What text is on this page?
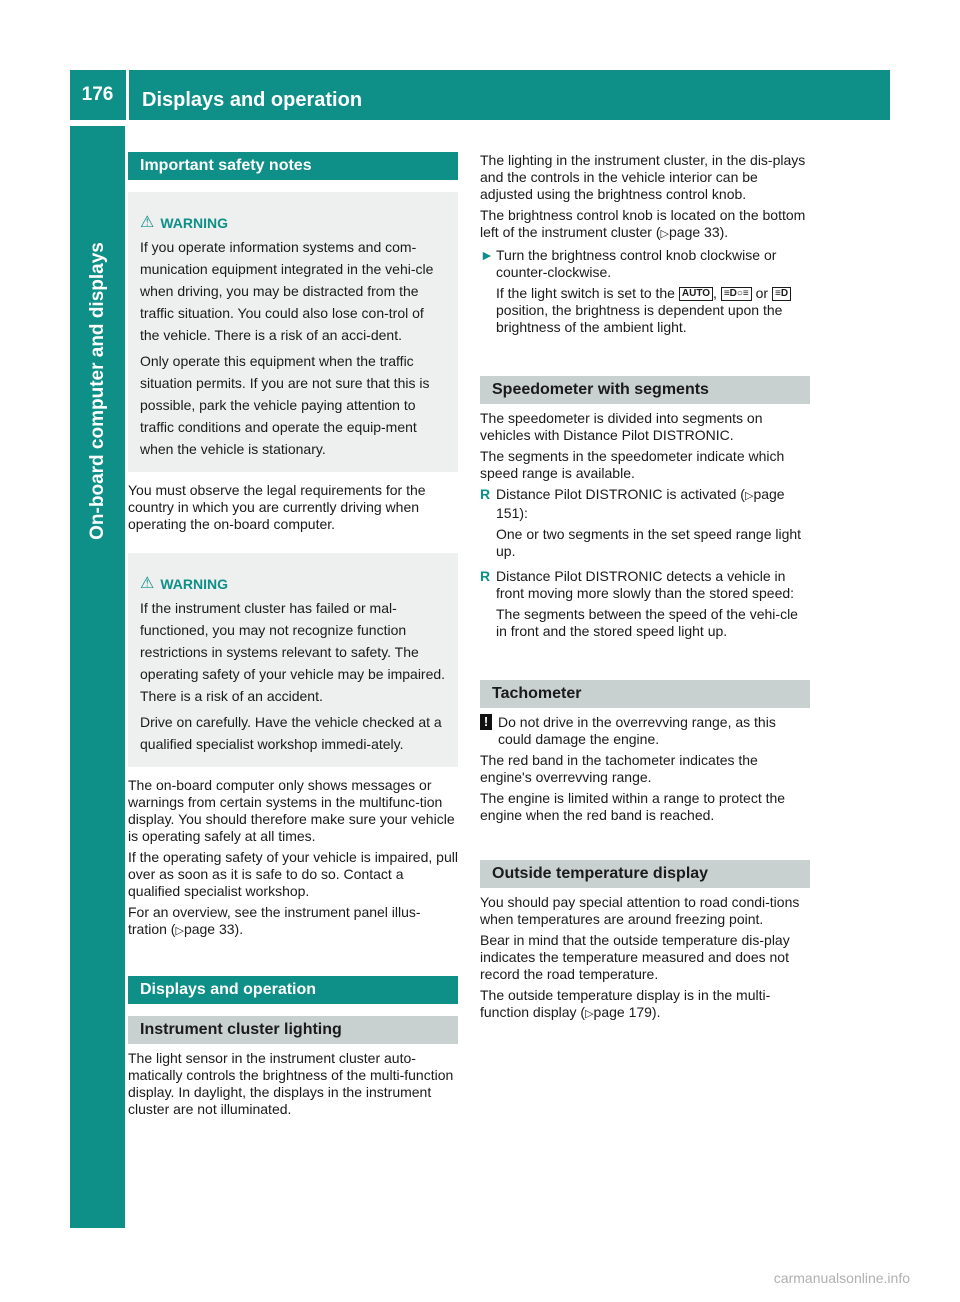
176	Displays and operation
On-board computer and displays
Important safety notes
⚠ WARNING

If you operate information systems and com-munication equipment integrated in the vehi-cle when driving, you may be distracted from the traffic situation. You could also lose con-trol of the vehicle. There is a risk of an acci-dent.

Only operate this equipment when the traffic situation permits. If you are not sure that this is possible, park the vehicle paying attention to traffic conditions and operate the equip-ment when the vehicle is stationary.

You must observe the legal requirements for the country in which you are currently driving when operating the on-board computer.

⚠ WARNING

If the instrument cluster has failed or mal-functioned, you may not recognize function restrictions in systems relevant to safety. The operating safety of your vehicle may be impaired. There is a risk of an accident.

Drive on carefully. Have the vehicle checked at a qualified specialist workshop immedi-ately.

The on-board computer only shows messages or warnings from certain systems in the multifunc-tion display. You should therefore make sure your vehicle is operating safely at all times.

If the operating safety of your vehicle is impaired, pull over as soon as it is safe to do so. Contact a qualified specialist workshop.

For an overview, see the instrument panel illus-tration (▷page 33).

Displays and operation
Instrument cluster lighting

The light sensor in the instrument cluster auto-matically controls the brightness of the multi-function display. In daylight, the displays in the instrument cluster are not illuminated.

The lighting in the instrument cluster, in the dis-plays and the controls in the vehicle interior can be adjusted using the brightness control knob.

The brightness control knob is located on the bottom left of the instrument cluster (▷page 33).

► Turn the brightness control knob clockwise or counter-clockwise.

If the light switch is set to the AUTO , ≡D○≡ or ≡D position, the brightness is dependent upon the brightness of the ambient light.

Speedometer with segments

The speedometer is divided into segments on vehicles with Distance Pilot DISTRONIC.

The segments in the speedometer indicate which speed range is available.

R Distance Pilot DISTRONIC is activated (▷page 151):

One or two segments in the set speed range light up.

R Distance Pilot DISTRONIC detects a vehicle in front moving more slowly than the stored speed:

The segments between the speed of the vehi-cle in front and the stored speed light up.

Tachometer
! Do not drive in the overrevving range, as this could damage the engine.

The red band in the tachometer indicates the engine's overrevving range.

The engine is limited within a range to protect the engine when the red band is reached.

Outside temperature display

You should pay special attention to road condi-tions when temperatures are around freezing point.

Bear in mind that the outside temperature dis-play indicates the temperature measured and does not record the road temperature.

The outside temperature display is in the multi-function display (▷page 179).

carmanualsonline.info
